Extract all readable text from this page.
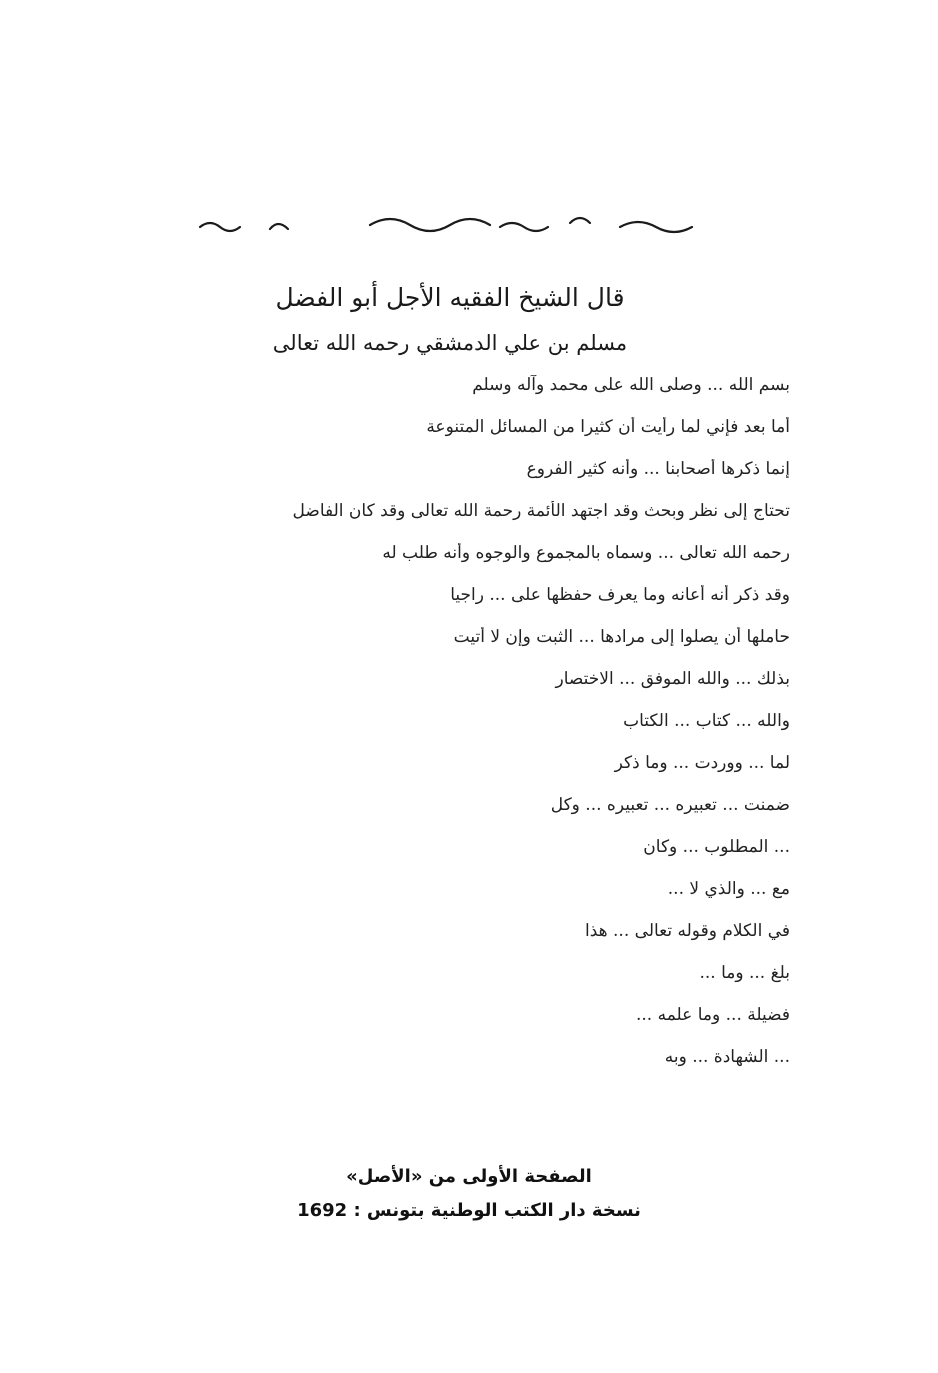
قال الشيخ الفقيه الأجل أبو الفضل
مسلم بن علي الدمشقي رحمه الله تعالى
بسم الله ... وصلى الله على محمد وآله وسلم
أما بعد فإني لما رأيت أن كثيرا من المسائل المتنوعة
إنما ذكرها أصحابنا ... وأنه كثير الفروع
تحتاج إلى نظر وبحث وقد اجتهد الأئمة رحمة الله تعالى وقد كان الفاضل
رحمه الله تعالى ... وسماه بالمجموع والوجوه وأنه طلب له
وقد ذكر أنه أعانه وما يعرف حفظها على ... راجيا
حاملها أن يصلوا إلى مرادها ... الثبت وإن لا أتيت
بذلك ... والله الموفق ... الاختصار
والله ... كتاب ... الكتاب
لما ... ووردت ... وما ذكر
ضمنت ... تعبيره ... تعبيره ... وكل
... المطلوب ... وكان
مع ... والذي لا ...
في الكلام وقوله تعالى ... هذا
بلغ ... وما ...
فضيلة ... وما علمه ...
... الشهادة ... وبه
الصفحة الأولى من «الأصل»
نسخة دار الكتب الوطنية بتونس : 1692
